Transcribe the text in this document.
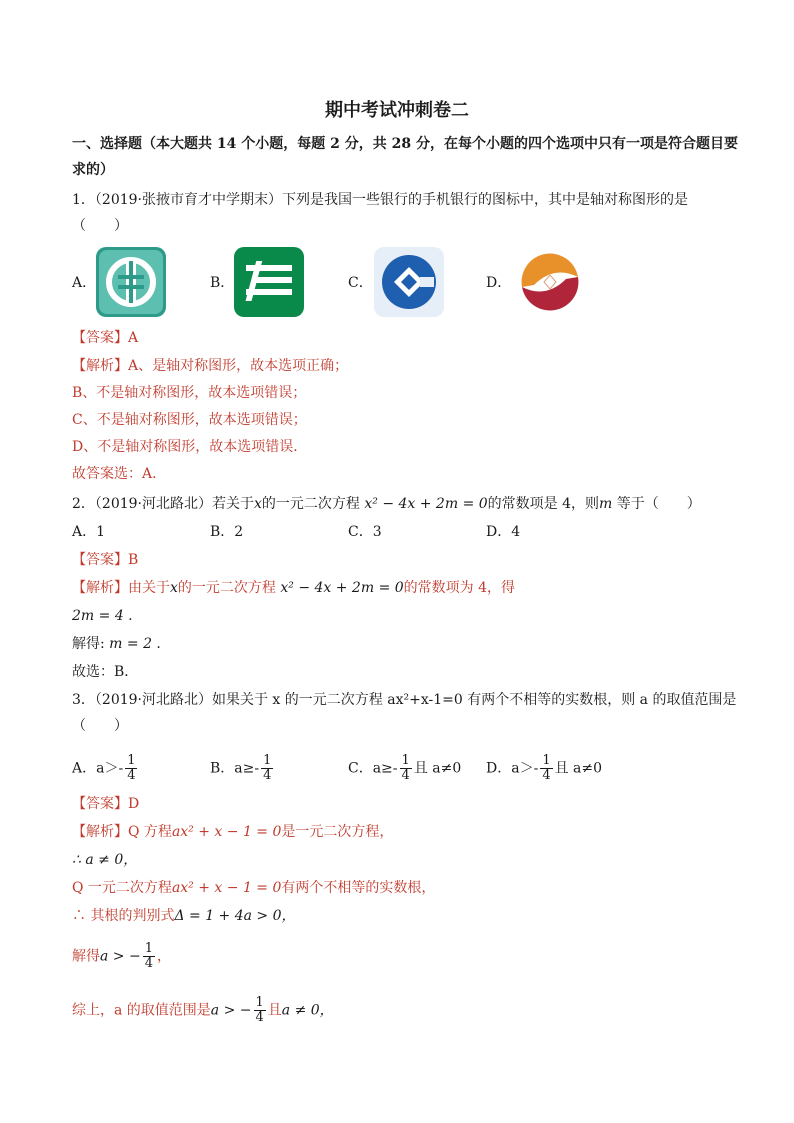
期中考试冲刺卷二
一、选择题（本大题共 14 个小题，每题 2 分，共 28 分，在每个小题的四个选项中只有一项是符合题目要
求的）
1．（2019·张掖市育才中学期末）下列是我国一些银行的手机银行的图标中，其中是轴对称图形的是
（　　）
A．	B．	C．	D．
【答案】A
【解析】A、是轴对称图形，故本选项正确；
B、不是轴对称图形，故本选项错误；
C、不是轴对称图形，故本选项错误；
D、不是轴对称图形，故本选项错误．
故答案选：A．
2．（2019·河北路北）若关于x的一元二次方程 x² − 4x + 2m = 0的常数项是 4，则m 等于（　　）
A．1	B．2	C．3	D．4
【答案】B
【解析】由关于x的一元二次方程 x² − 4x + 2m = 0的常数项为 4，得
2m = 4 .
解得: m = 2 .
故选：B．
3．（2019·河北路北）如果关于 x 的一元二次方程 ax²+x-1=0 有两个不相等的实数根，则 a 的取值范围是
（　　）
A．$a>- \frac{1}{4}$	B．$a\ge- \frac{1}{4}$	C．$a\ge- \frac{1}{4}$ 且 a≠0 D．$a>- \frac{1}{4}$ 且 a≠0
【答案】D
【解析】Q 方程ax² + x − 1 = 0是一元二次方程，
∴ a ≠ 0，
Q 一元二次方程ax² + x − 1 = 0有两个不相等的实数根，
∴ 其根的判别式Δ = 1 + 4a > 0，
解得a > − $\frac{1}{4}$ ，
综上，a 的取值范围是a > − $\frac{1}{4}$ 且a ≠ 0，
